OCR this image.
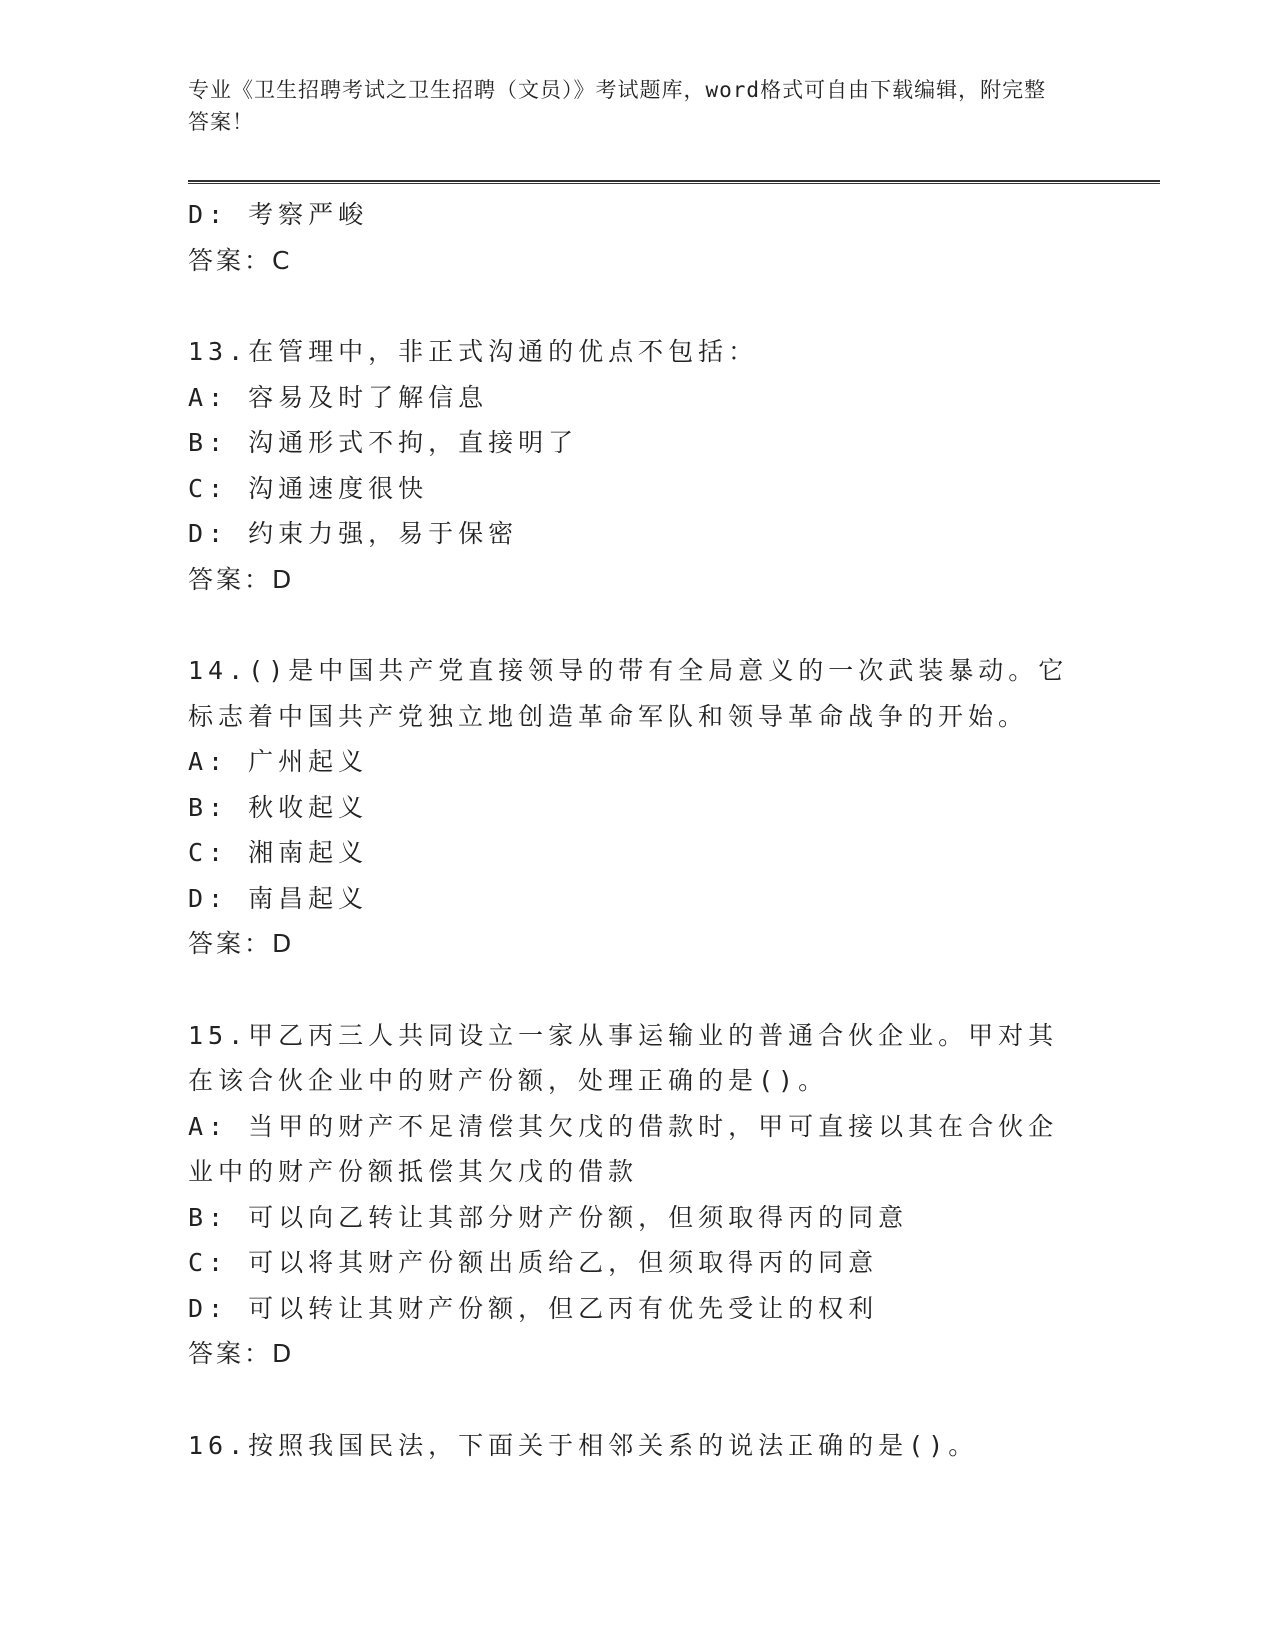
专业《卫生招聘考试之卫生招聘（文员）》考试题库，word格式可自由下载编辑，附完整答案！
D: 考察严峻
答案：C
13.在管理中，非正式沟通的优点不包括：
A: 容易及时了解信息
B: 沟通形式不拘，直接明了
C: 沟通速度很快
D: 约束力强，易于保密
答案：D
14.()是中国共产党直接领导的带有全局意义的一次武装暴动。它标志着中国共产党独立地创造革命军队和领导革命战争的开始。
A: 广州起义
B: 秋收起义
C: 湘南起义
D: 南昌起义
答案：D
15.甲乙丙三人共同设立一家从事运输业的普通合伙企业。甲对其在该合伙企业中的财产份额，处理正确的是()。
A: 当甲的财产不足清偿其欠戊的借款时，甲可直接以其在合伙企业中的财产份额抵偿其欠戊的借款
B: 可以向乙转让其部分财产份额，但须取得丙的同意
C: 可以将其财产份额出质给乙，但须取得丙的同意
D: 可以转让其财产份额，但乙丙有优先受让的权利
答案：D
16.按照我国民法，下面关于相邻关系的说法正确的是()。
